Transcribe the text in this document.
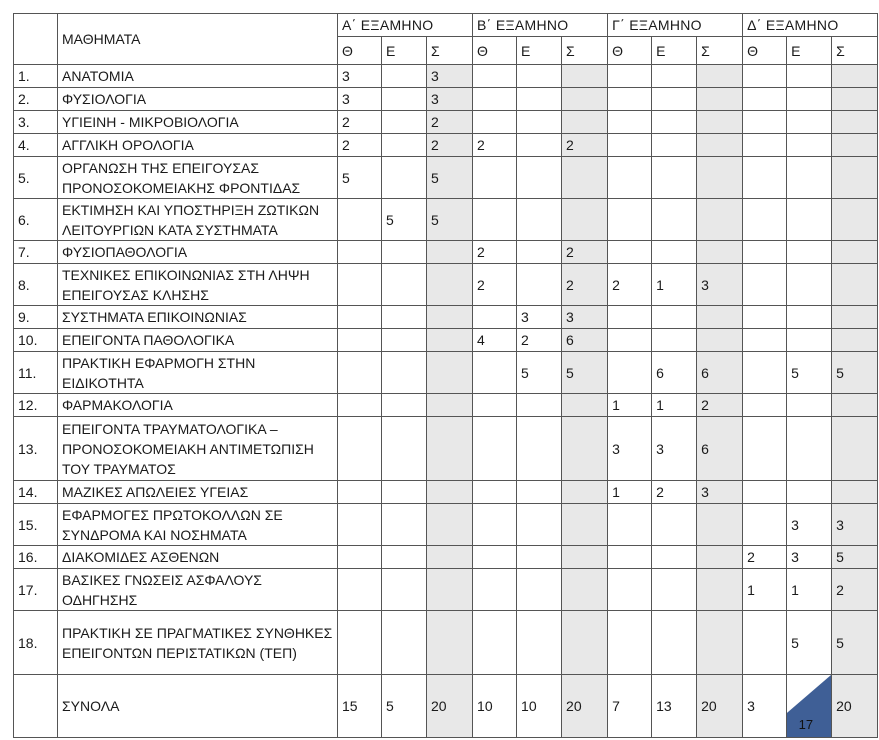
	ΜΑΘΗΜΑΤΑ	Α΄ ΕΞΑΜΗΝΟ			Β΄ ΕΞΑΜΗΝΟ			Γ΄ ΕΞΑΜΗΝΟ			Δ΄ ΕΞΑΜΗΝΟ		
		Θ	Ε	Σ	Θ	Ε	Σ	Θ	Ε	Σ	Θ	Ε	Σ
1.	ΑΝΑΤΟΜΙΑ	3		3									
2.	ΦΥΣΙΟΛΟΓΙΑ	3		3									
3.	ΥΓΙΕΙΝΗ - ΜΙΚΡΟΒΙΟΛΟΓΙΑ	2		2									
4.	ΑΓΓΛΙΚΗ ΟΡΟΛΟΓΙΑ	2		2	2		2						
5.	ΟΡΓΑΝΩΣΗ ΤΗΣ ΕΠΕΙΓΟΥΣΑΣ ΠΡΟΝΟΣΟΚΟΜΕΙΑΚΗΣ ΦΡΟΝΤΙΔΑΣ	5		5									
6.	ΕΚΤΙΜΗΣΗ ΚΑΙ ΥΠΟΣΤΗΡΙΞΗ ΖΩΤΙΚΩΝ ΛΕΙΤΟΥΡΓΙΩΝ ΚΑΤΑ ΣΥΣΤΗΜΑΤΑ		5	5									
7.	ΦΥΣΙΟΠΑΘΟΛΟΓΙΑ				2		2						
8.	ΤΕΧΝΙΚΕΣ ΕΠΙΚΟΙΝΩΝΙΑΣ ΣΤΗ ΛΗΨΗ ΕΠΕΙΓΟΥΣΑΣ ΚΛΗΣΗΣ				2		2	2	1	3			
9.	ΣΥΣΤΗΜΑΤΑ ΕΠΙΚΟΙΝΩΝΙΑΣ					3	3						
10.	ΕΠΕΙΓΟΝΤΑ ΠΑΘΟΛΟΓΙΚΑ				4	2	6						
11.	ΠΡΑΚΤΙΚΗ ΕΦΑΡΜΟΓΗ ΣΤΗΝ ΕΙΔΙΚΟΤΗΤΑ					5	5		6	6		5	5
12.	ΦΑΡΜΑΚΟΛΟΓΙΑ							1	1	2			
13.	ΕΠΕΙΓΟΝΤΑ ΤΡΑΥΜΑΤΟΛΟΓΙΚΑ – ΠΡΟΝΟΣΟΚΟΜΕΙΑΚΗ ΑΝΤΙΜΕΤΩΠΙΣΗ ΤΟΥ ΤΡΑΥΜΑΤΟΣ							3	3	6			
14.	ΜΑΖΙΚΕΣ ΑΠΩΛΕΙΕΣ ΥΓΕΙΑΣ							1	2	3			
15.	ΕΦΑΡΜΟΓΕΣ ΠΡΩΤΟΚΟΛΛΩΝ ΣΕ ΣΥΝΔΡΟΜΑ ΚΑΙ ΝΟΣΗΜΑΤΑ											3	3
16.	ΔΙΑΚΟΜΙΔΕΣ ΑΣΘΕΝΩΝ										2	3	5
17.	ΒΑΣΙΚΕΣ ΓΝΩΣΕΙΣ ΑΣΦΑΛΟΥΣ ΟΔΗΓΗΣΗΣ										1	1	2
18.	ΠΡΑΚΤΙΚΗ ΣΕ ΠΡΑΓΜΑΤΙΚΕΣ ΣΥΝΘΗΚΕΣ ΕΠΕΙΓΟΝΤΩΝ ΠΕΡΙΣΤΑΤΙΚΩΝ (ΤΕΠ)											5	5
	ΣΥΝΟΛΑ	15	5	20	10	10	20	7	13	20	3	17	20
